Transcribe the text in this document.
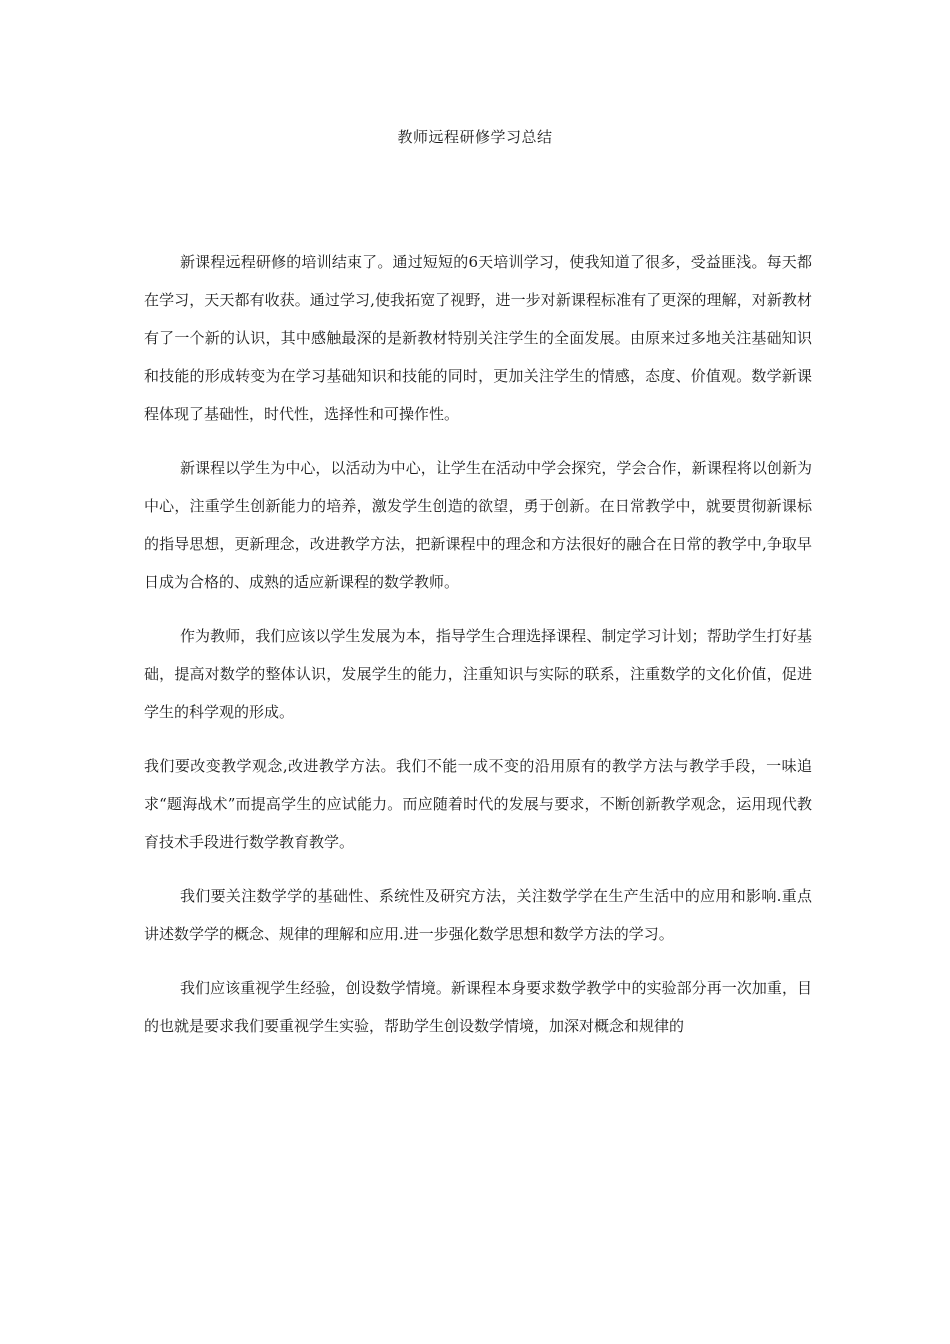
教师远程研修学习总结

新课程远程研修的培训结束了。通过短短的6天培训学习，使我知道了很多，受益匪浅。每天都在学习，天天都有收获。通过学习,使我拓宽了视野，进一步对新课程标准有了更深的理解，对新教材有了一个新的认识，其中感触最深的是新教材特别关注学生的全面发展。由原来过多地关注基础知识和技能的形成转变为在学习基础知识和技能的同时，更加关注学生的情感，态度、价值观。数学新课程体现了基础性，时代性，选择性和可操作性。

新课程以学生为中心，以活动为中心，让学生在活动中学会探究，学会合作，新课程将以创新为中心，注重学生创新能力的培养，激发学生创造的欲望，勇于创新。在日常教学中，就要贯彻新课标的指导思想，更新理念，改进教学方法，把新课程中的理念和方法很好的融合在日常的教学中,争取早日成为合格的、成熟的适应新课程的数学教师。

作为教师，我们应该以学生发展为本，指导学生合理选择课程、制定学习计划；帮助学生打好基础，提高对数学的整体认识，发展学生的能力，注重知识与实际的联系，注重数学的文化价值，促进学生的科学观的形成。

我们要改变教学观念,改进教学方法。我们不能一成不变的沿用原有的教学方法与教学手段，一味追求“题海战术”而提高学生的应试能力。而应随着时代的发展与要求，不断创新教学观念，运用现代教育技术手段进行数学教育教学。

我们要关注数学学的基础性、系统性及研究方法，关注数学学在生产生活中的应用和影响.重点讲述数学学的概念、规律的理解和应用.进一步强化数学思想和数学方法的学习。

我们应该重视学生经验，创设数学情境。新课程本身要求数学教学中的实验部分再一次加重，目的也就是要求我们要重视学生实验，帮助学生创设数学情境，加深对概念和规律的
